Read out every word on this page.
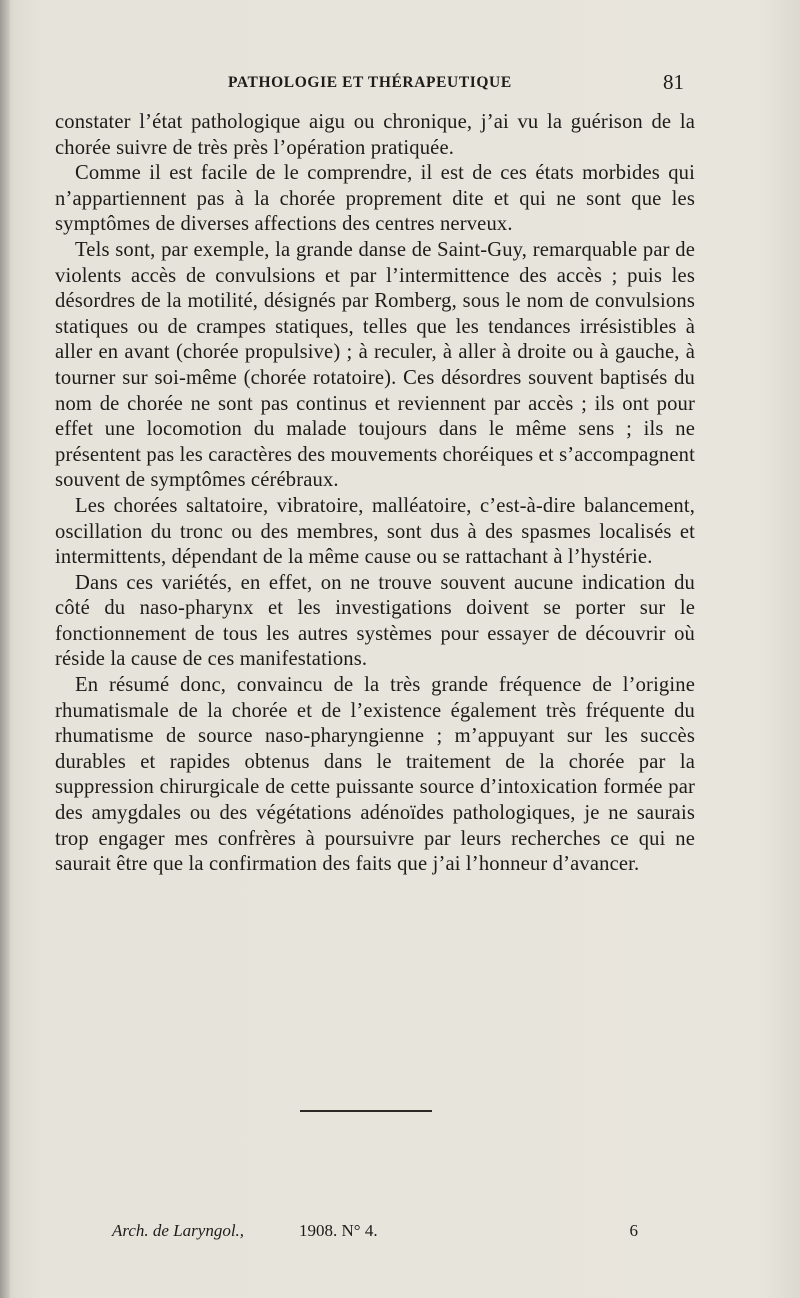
PATHOLOGIE ET THÉRAPEUTIQUE	81

constater l’état pathologique aigu ou chronique, j’ai vu la guérison de la chorée suivre de très près l’opération pratiquée.

Comme il est facile de le comprendre, il est de ces états morbides qui n’appartiennent pas à la chorée proprement dite et qui ne sont que les symptômes de diverses affections des centres nerveux.

Tels sont, par exemple, la grande danse de Saint-Guy, remarquable par de violents accès de convulsions et par l’intermittence des accès ; puis les désordres de la motilité, désignés par Romberg, sous le nom de convulsions statiques ou de crampes statiques, telles que les tendances irrésistibles à aller en avant (chorée propulsive) ; à reculer, à aller à droite ou à gauche, à tourner sur soi-même (chorée rotatoire). Ces désordres souvent baptisés du nom de chorée ne sont pas continus et reviennent par accès ; ils ont pour effet une locomotion du malade toujours dans le même sens ; ils ne présentent pas les caractères des mouvements choréiques et s’accompagnent souvent de symptômes cérébraux.

Les chorées saltatoire, vibratoire, malléatoire, c’est-à-dire balancement, oscillation du tronc ou des membres, sont dus à des spasmes localisés et intermittents, dépendant de la même cause ou se rattachant à l’hystérie.

Dans ces variétés, en effet, on ne trouve souvent aucune indication du côté du naso-pharynx et les investigations doivent se porter sur le fonctionnement de tous les autres systèmes pour essayer de découvrir où réside la cause de ces manifestations.

En résumé donc, convaincu de la très grande fréquence de l’origine rhumatismale de la chorée et de l’existence également très fréquente du rhumatisme de source naso-pharyngienne ; m’appuyant sur les succès durables et rapides obtenus dans le traitement de la chorée par la suppression chirurgicale de cette puissante source d’intoxication formée par des amygdales ou des végétations adénoïdes pathologiques, je ne saurais trop engager mes confrères à poursuivre par leurs recherches ce qui ne saurait être que la confirmation des faits que j’ai l’honneur d’avancer.

Arch. de Laryngol.,	1908. N° 4.	6
